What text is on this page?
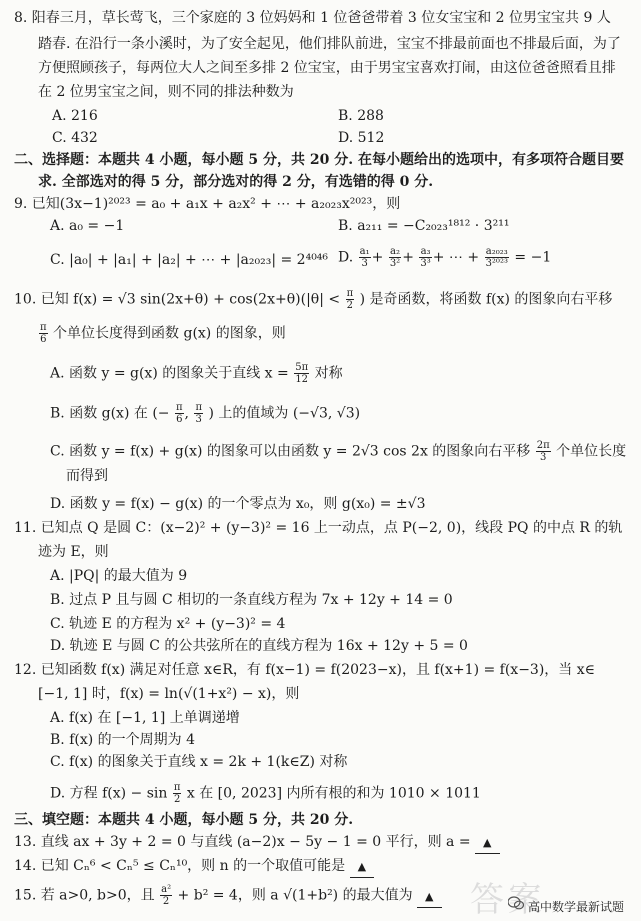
8. 阳春三月，草长莺飞，三个家庭的 3 位妈妈和 1 位爸爸带着 3 位女宝宝和 2 位男宝宝共 9 人
踏春. 在沿行一条小溪时，为了安全起见，他们排队前进，宝宝不排最前面也不排最后面，为了
方便照顾孩子，每两位大人之间至多排 2 位宝宝，由于男宝宝喜欢打闹，由这位爸爸照看且排
在 2 位男宝宝之间，则不同的排法种数为
A. 216	B. 288
C. 432	D. 512
二、选择题：本题共 4 小题，每小题 5 分，共 20 分. 在每小题给出的选项中，有多项符合题目要
求. 全部选对的得 5 分，部分选对的得 2 分，有选错的得 0 分.
9. 已知(3x−1)²⁰²³ = a₀ + a₁x + a₂x² + ⋯ + a₂₀₂₃x²⁰²³，则
A. a₀ = −1	B. a₂₁₁ = −C₂₀₂₃¹⁸¹² · 3²¹¹
C. |a₀| + |a₁| + |a₂| + ⋯ + |a₂₀₂₃| = 2⁴⁰⁴⁶ D. $\frac{\text{a₁}}{3} + \frac{\text{a₂}}{\text{3²}} + \frac{\text{a₃}}{\text{3³}}$ + ⋯ + $\frac{\text{a₂₀₂₃}}{\text{3²⁰²³}} = -1$
10. 已知 f(x) = √3 $\sin(2x+\theta) + \cos(2x+\theta)(|\theta| < \frac{\pi}{2}$ ) 是奇函数，将函数 f(x) 的图象向右平移
$\frac{\pi}{6}$ 个单位长度得到函数 g(x) 的图象，则
A. 函数 y = g(x) 的图象关于直线 $x = \frac{5\pi}{12}$ 对称
B. 函数 g(x) 在 (− $\frac{\pi}{6}$ , $\frac{\pi}{3}$ ) 上的值域为 (−√3, √3)
C. 函数 y = f(x) + g(x) 的图象可以由函数 y = 2√3 cos 2x 的图象向右平移 $\frac{2\pi}{3}$ 个单位长度
而得到
D. 函数 y = f(x) − g(x) 的一个零点为 x₀，则 g(x₀) = ±√3
11. 已知点 Q 是圆 C：(x−2)² + (y−3)² = 16 上一动点，点 P(−2, 0)，线段 PQ 的中点 R 的轨
迹为 E，则
A. |PQ| 的最大值为 9
B. 过点 P 且与圆 C 相切的一条直线方程为 7x + 12y + 14 = 0
C. 轨迹 E 的方程为 x² + (y−3)² = 4
D. 轨迹 E 与圆 C 的公共弦所在的直线方程为 16x + 12y + 5 = 0
12. 已知函数 f(x) 满足对任意 x∈R，有 f(x−1) = f(2023−x)，且 f(x+1) = f(x−3)，当 x∈
[−1, 1] 时，f(x) = ln(√(1+x²) − x)，则
A. f(x) 在 [−1, 1] 上单调递增
B. f(x) 的一个周期为 4
C. f(x) 的图象关于直线 x = 2k + 1(k∈Z) 对称
D. 方程 $f(x) - \sin \frac{\pi}{2}$ x 在 [0, 2023] 内所有根的和为 1010 × 1011
三、填空题：本题共 4 小题，每小题 5 分，共 20 分.
13. 直线 ax + 3y + 2 = 0 与直线 (a−2)x − 5y − 1 = 0 平行，则 a = ▲
14. 已知 Cₙ⁶ < Cₙ⁵ ≤ Cₙ¹⁰，则 n 的一个取值可能是 ▲
15. 若 a>0, b>0，且 $\frac{\text{a²}}{2} + b^2 = 4$，则 a √(1+b²) 的最大值为 ▲ 答案
高中数学最新试题
